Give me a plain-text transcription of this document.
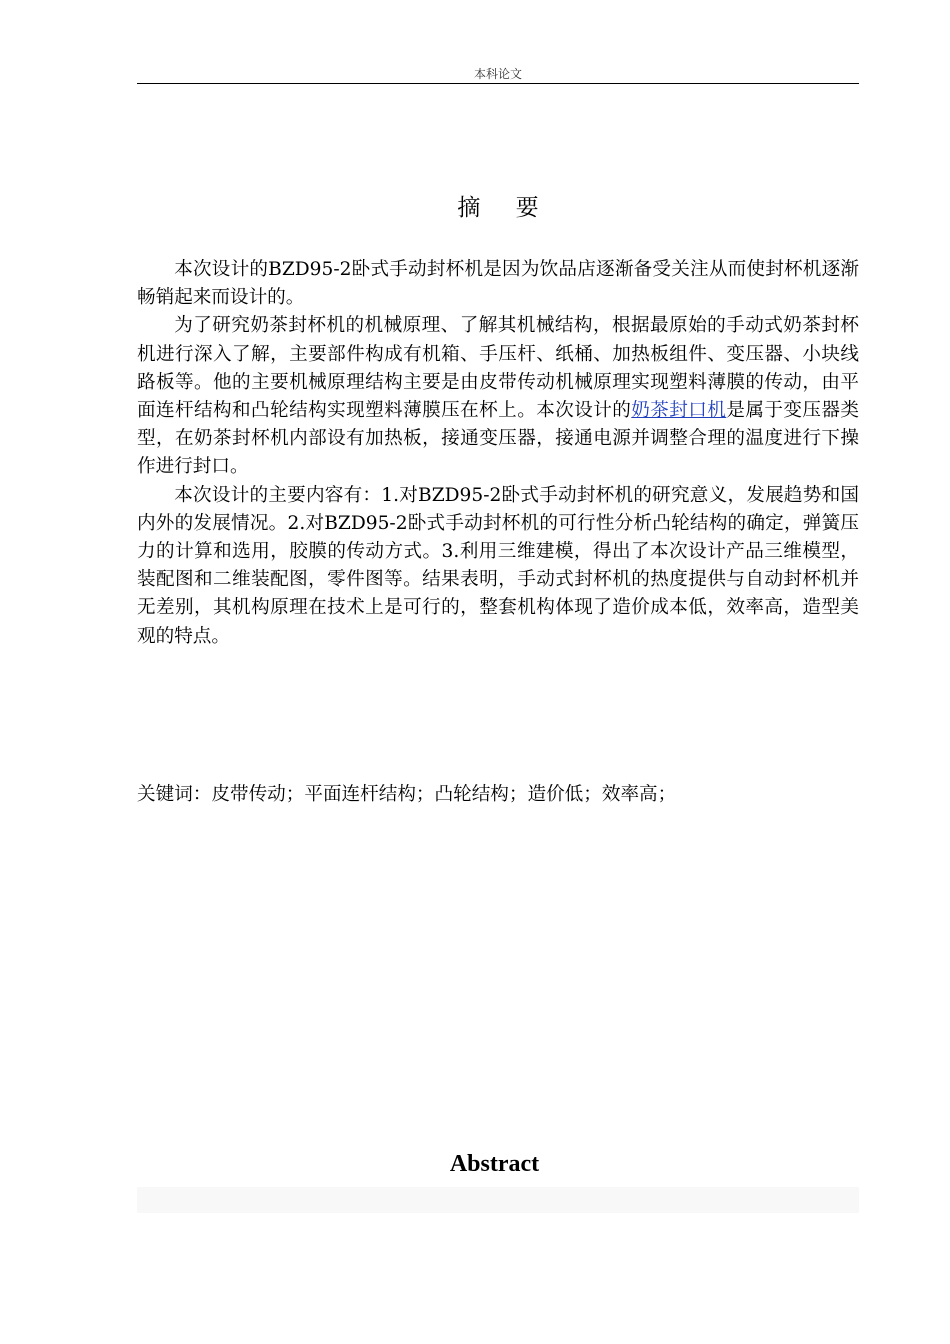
本科论文
摘 要

本次设计的BZD95-2卧式手动封杯机是因为饮品店逐渐备受关注从而使封杯机逐渐畅销起来而设计的。

为了研究奶茶封杯机的机械原理、了解其机械结构，根据最原始的手动式奶茶封杯机进行深入了解，主要部件构成有机箱、手压杆、纸桶、加热板组件、变压器、小块线路板等。他的主要机械原理结构主要是由皮带传动机械原理实现塑料薄膜的传动，由平面连杆结构和凸轮结构实现塑料薄膜压在杯上。本次设计的奶茶封口机是属于变压器类型，在奶茶封杯机内部设有加热板，接通变压器，接通电源并调整合理的温度进行下操作进行封口。

本次设计的主要内容有：1.对BZD95-2卧式手动封杯机的研究意义，发展趋势和国内外的发展情况。2.对BZD95-2卧式手动封杯机的可行性分析凸轮结构的确定，弹簧压力的计算和选用，胶膜的传动方式。3.利用三维建模，得出了本次设计产品三维模型，装配图和二维装配图，零件图等。结果表明，手动式封杯机的热度提供与自动封杯机并无差别，其机构原理在技术上是可行的，整套机构体现了造价成本低，效率高，造型美观的特点。

关键词：皮带传动；平面连杆结构；凸轮结构；造价低；效率高；
Abstract
